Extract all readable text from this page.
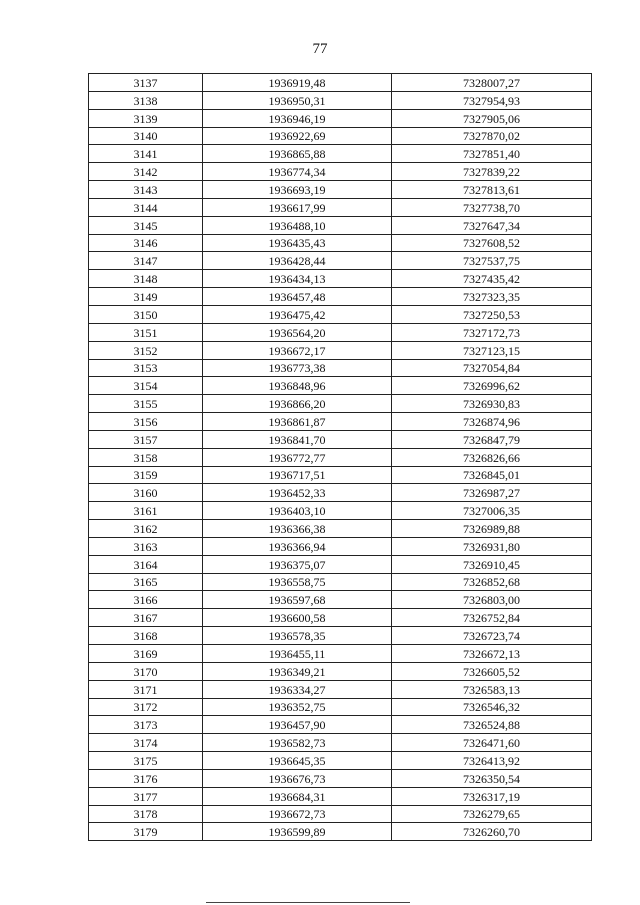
77
3137	1936919,48	7328007,27
3138	1936950,31	7327954,93
3139	1936946,19	7327905,06
3140	1936922,69	7327870,02
3141	1936865,88	7327851,40
3142	1936774,34	7327839,22
3143	1936693,19	7327813,61
3144	1936617,99	7327738,70
3145	1936488,10	7327647,34
3146	1936435,43	7327608,52
3147	1936428,44	7327537,75
3148	1936434,13	7327435,42
3149	1936457,48	7327323,35
3150	1936475,42	7327250,53
3151	1936564,20	7327172,73
3152	1936672,17	7327123,15
3153	1936773,38	7327054,84
3154	1936848,96	7326996,62
3155	1936866,20	7326930,83
3156	1936861,87	7326874,96
3157	1936841,70	7326847,79
3158	1936772,77	7326826,66
3159	1936717,51	7326845,01
3160	1936452,33	7326987,27
3161	1936403,10	7327006,35
3162	1936366,38	7326989,88
3163	1936366,94	7326931,80
3164	1936375,07	7326910,45
3165	1936558,75	7326852,68
3166	1936597,68	7326803,00
3167	1936600,58	7326752,84
3168	1936578,35	7326723,74
3169	1936455,11	7326672,13
3170	1936349,21	7326605,52
3171	1936334,27	7326583,13
3172	1936352,75	7326546,32
3173	1936457,90	7326524,88
3174	1936582,73	7326471,60
3175	1936645,35	7326413,92
3176	1936676,73	7326350,54
3177	1936684,31	7326317,19
3178	1936672,73	7326279,65
3179	1936599,89	7326260,70
